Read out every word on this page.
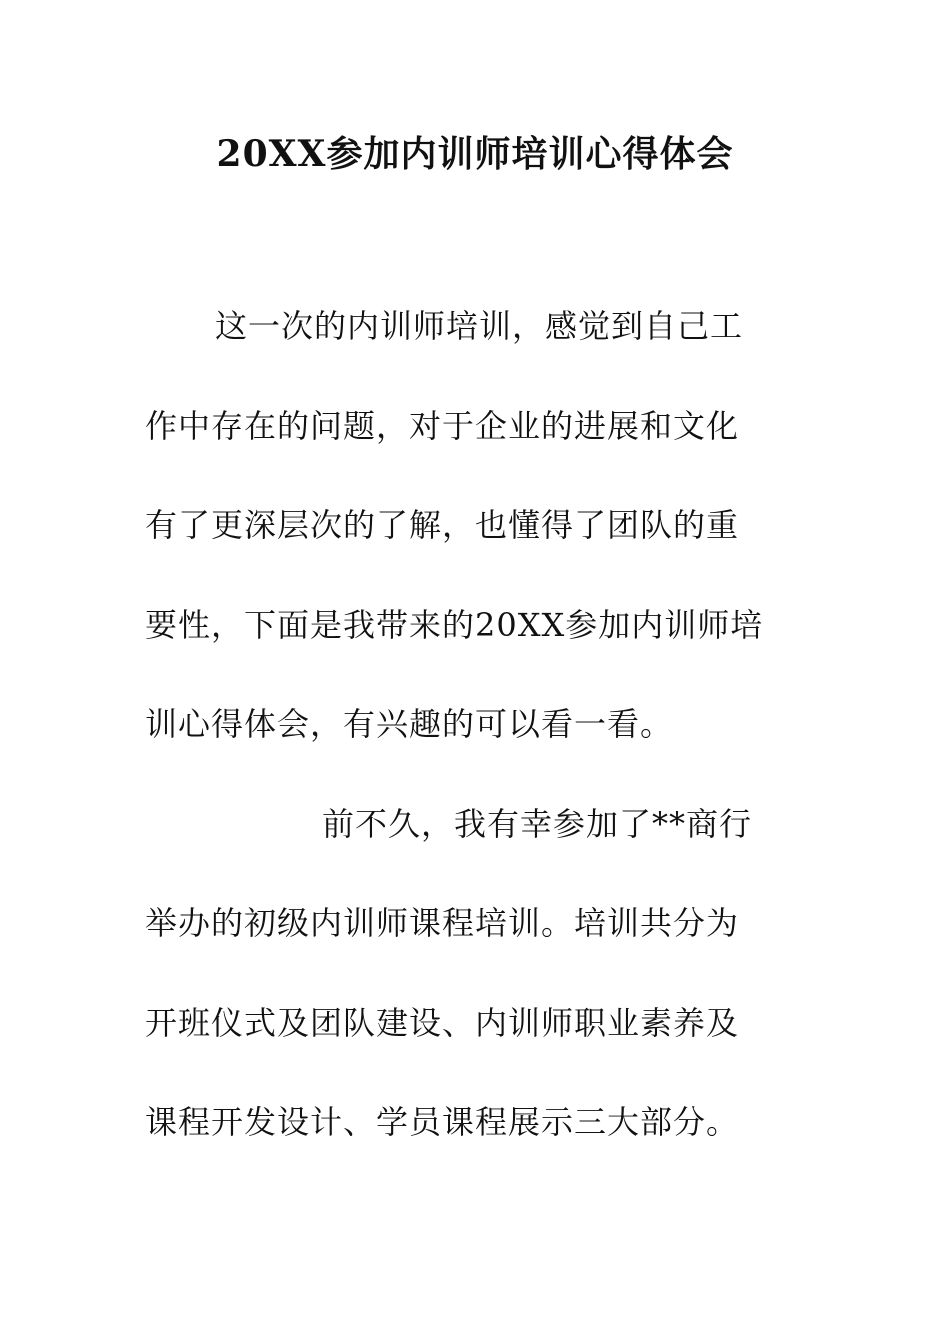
20XX参加内训师培训心得体会
这一次的内训师培训，感觉到自己工
作中存在的问题，对于企业的进展和文化
有了更深层次的了解，也懂得了团队的重
要性，下面是我带来的20XX参加内训师培
训心得体会，有兴趣的可以看一看。
前不久，我有幸参加了**商行
举办的初级内训师课程培训。培训共分为
开班仪式及团队建设、内训师职业素养及
课程开发设计、学员课程展示三大部分。
